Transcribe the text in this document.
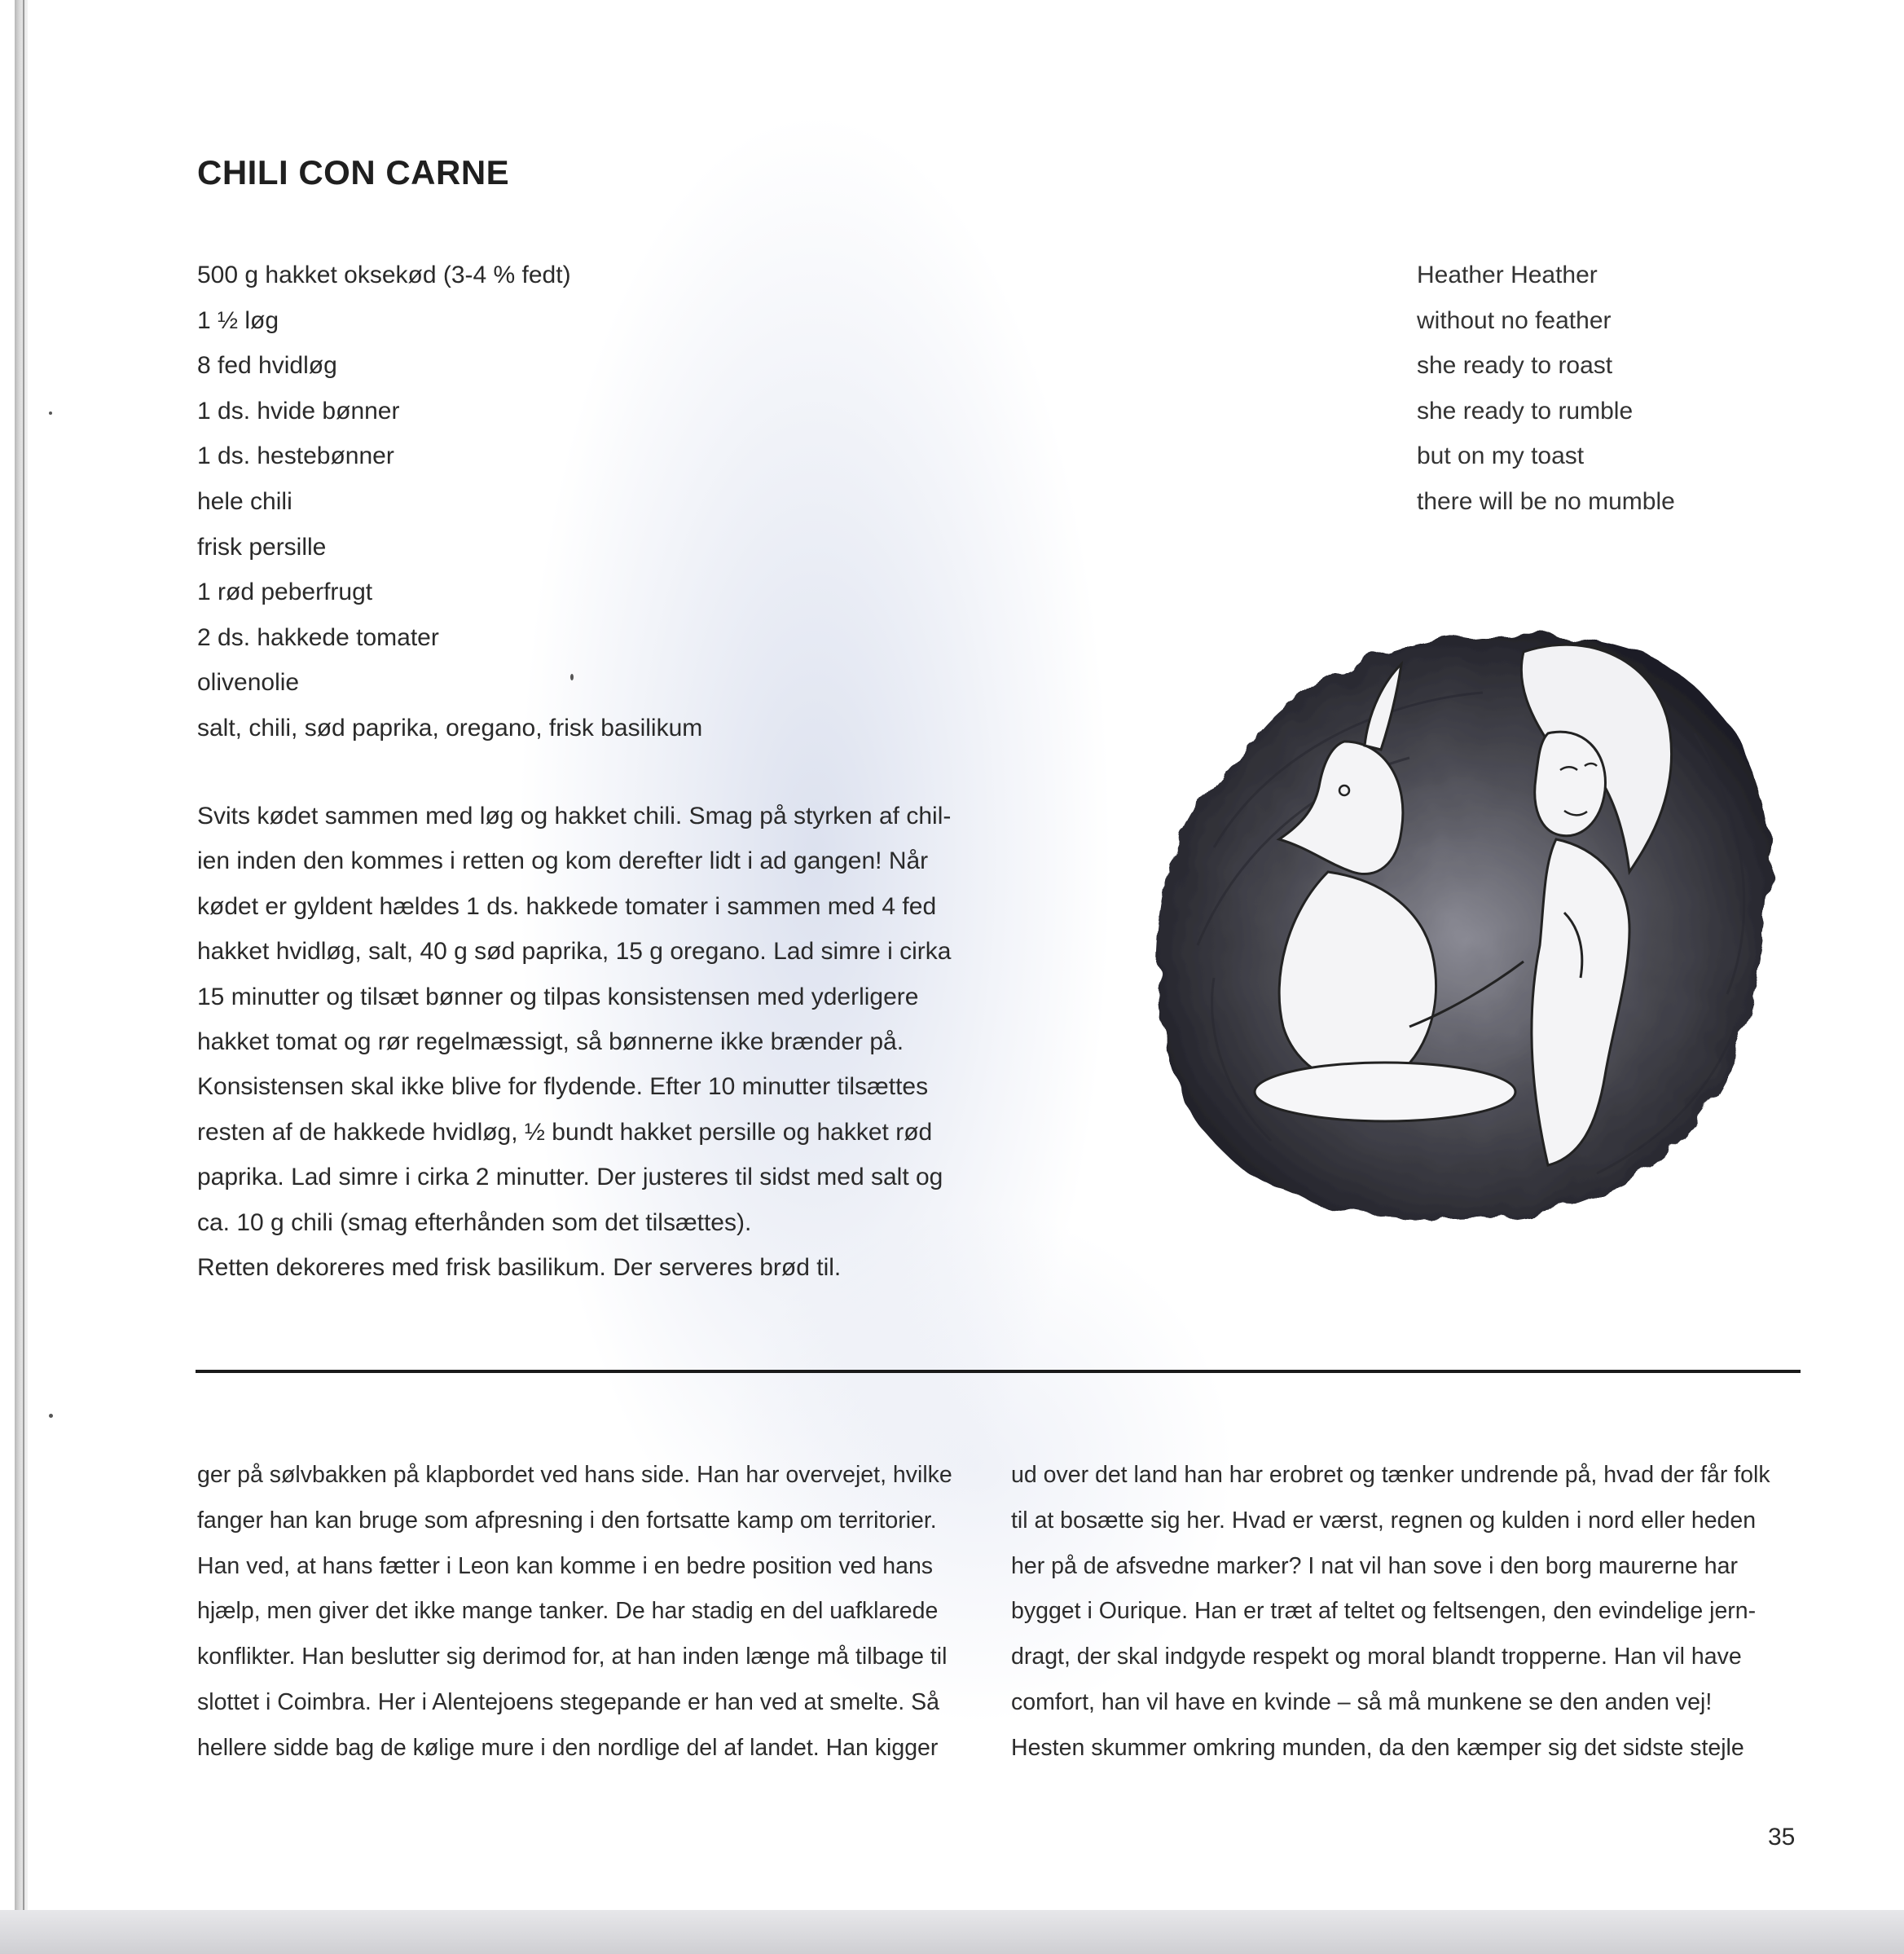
CHILI CON CARNE
500 g hakket oksekød (3-4 % fedt)
1 ½ løg
8 fed hvidløg
1 ds. hvide bønner
1 ds. hestebønner
hele chili
frisk persille
1 rød peberfrugt
2 ds. hakkede tomater
olivenolie
salt, chili, sød paprika, oregano, frisk basilikum
Svits kødet sammen med løg og hakket chili. Smag på styrken af chil-
ien inden den kommes i retten og kom derefter lidt i ad gangen! Når
kødet er gyldent hældes 1 ds. hakkede tomater i sammen med 4 fed
hakket hvidløg, salt, 40 g sød paprika, 15 g oregano. Lad simre i cirka
15 minutter og tilsæt bønner og tilpas konsistensen med yderligere
hakket tomat og rør regelmæssigt, så bønnerne ikke brænder på.
Konsistensen skal ikke blive for flydende. Efter 10 minutter tilsættes
resten af de hakkede hvidløg, ½ bundt hakket persille og hakket rød
paprika. Lad simre i cirka 2 minutter. Der justeres til sidst med salt og
ca. 10 g chili (smag efterhånden som det tilsættes).
Retten dekoreres med frisk basilikum. Der serveres brød til.
Heather Heather
without no feather
she ready to roast
she ready to rumble
but on my toast
there will be no mumble
ger på sølvbakken på klapbordet ved hans side. Han har overvejet, hvilke
fanger han kan bruge som afpresning i den fortsatte kamp om territorier.
Han ved, at hans fætter i Leon kan komme i en bedre position ved hans
hjælp, men giver det ikke mange tanker. De har stadig en del uafklarede
konflikter. Han beslutter sig derimod for, at han inden længe må tilbage til
slottet i Coimbra. Her i Alentejoens stegepande er han ved at smelte. Så
hellere sidde bag de kølige mure i den nordlige del af landet. Han kigger
ud over det land han har erobret og tænker undrende på, hvad der får folk
til at bosætte sig her. Hvad er værst, regnen og kulden i nord eller heden
her på de afsvedne marker? I nat vil han sove i den borg maurerne har
bygget i Ourique. Han er træt af teltet og feltsengen, den evindelige jern-
dragt, der skal indgyde respekt og moral blandt tropperne. Han vil have
comfort, han vil have en kvinde – så må munkene se den anden vej!
Hesten skummer omkring munden, da den kæmper sig det sidste stejle
35
